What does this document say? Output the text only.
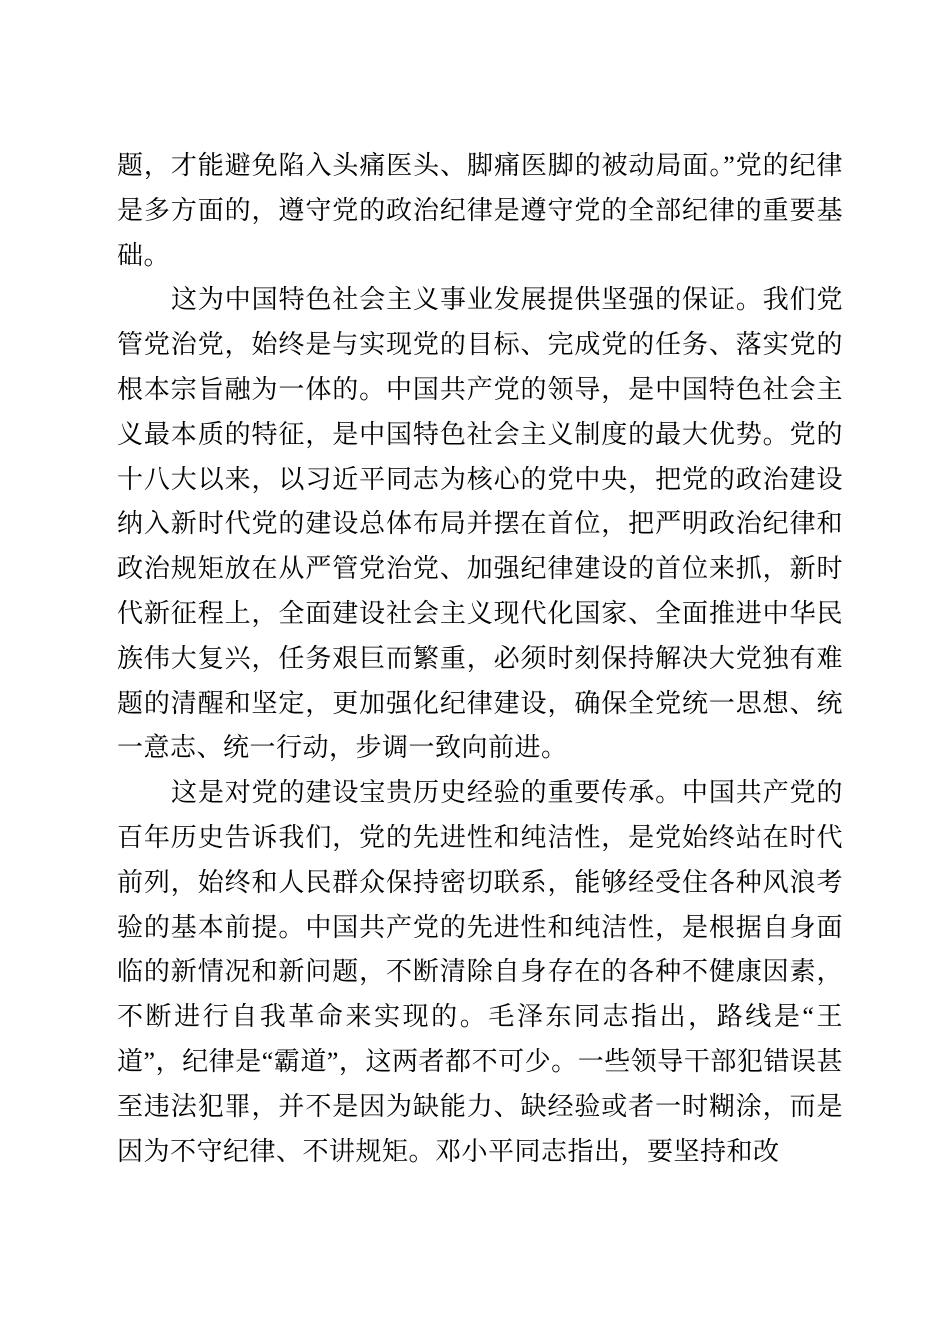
题，才能避免陷入头痛医头、脚痛医脚的被动局面。”党的纪律是多方面的，遵守党的政治纪律是遵守党的全部纪律的重要基础。

这为中国特色社会主义事业发展提供坚强的保证。我们党管党治党，始终是与实现党的目标、完成党的任务、落实党的根本宗旨融为一体的。中国共产党的领导，是中国特色社会主义最本质的特征，是中国特色社会主义制度的最大优势。党的十八大以来，以习近平同志为核心的党中央，把党的政治建设纳入新时代党的建设总体布局并摆在首位，把严明政治纪律和政治规矩放在从严管党治党、加强纪律建设的首位来抓，新时代新征程上，全面建设社会主义现代化国家、全面推进中华民族伟大复兴，任务艰巨而繁重，必须时刻保持解决大党独有难题的清醒和坚定，更加强化纪律建设，确保全党统一思想、统一意志、统一行动，步调一致向前进。

这是对党的建设宝贵历史经验的重要传承。中国共产党的百年历史告诉我们，党的先进性和纯洁性，是党始终站在时代前列，始终和人民群众保持密切联系，能够经受住各种风浪考验的基本前提。中国共产党的先进性和纯洁性，是根据自身面临的新情况和新问题，不断清除自身存在的各种不健康因素，不断进行自我革命来实现的。毛泽东同志指出，路线是“王道”，纪律是“霸道”，这两者都不可少。一些领导干部犯错误甚至违法犯罪，并不是因为缺能力、缺经验或者一时糊涂，而是因为不守纪律、不讲规矩。邓小平同志指出，要坚持和改
